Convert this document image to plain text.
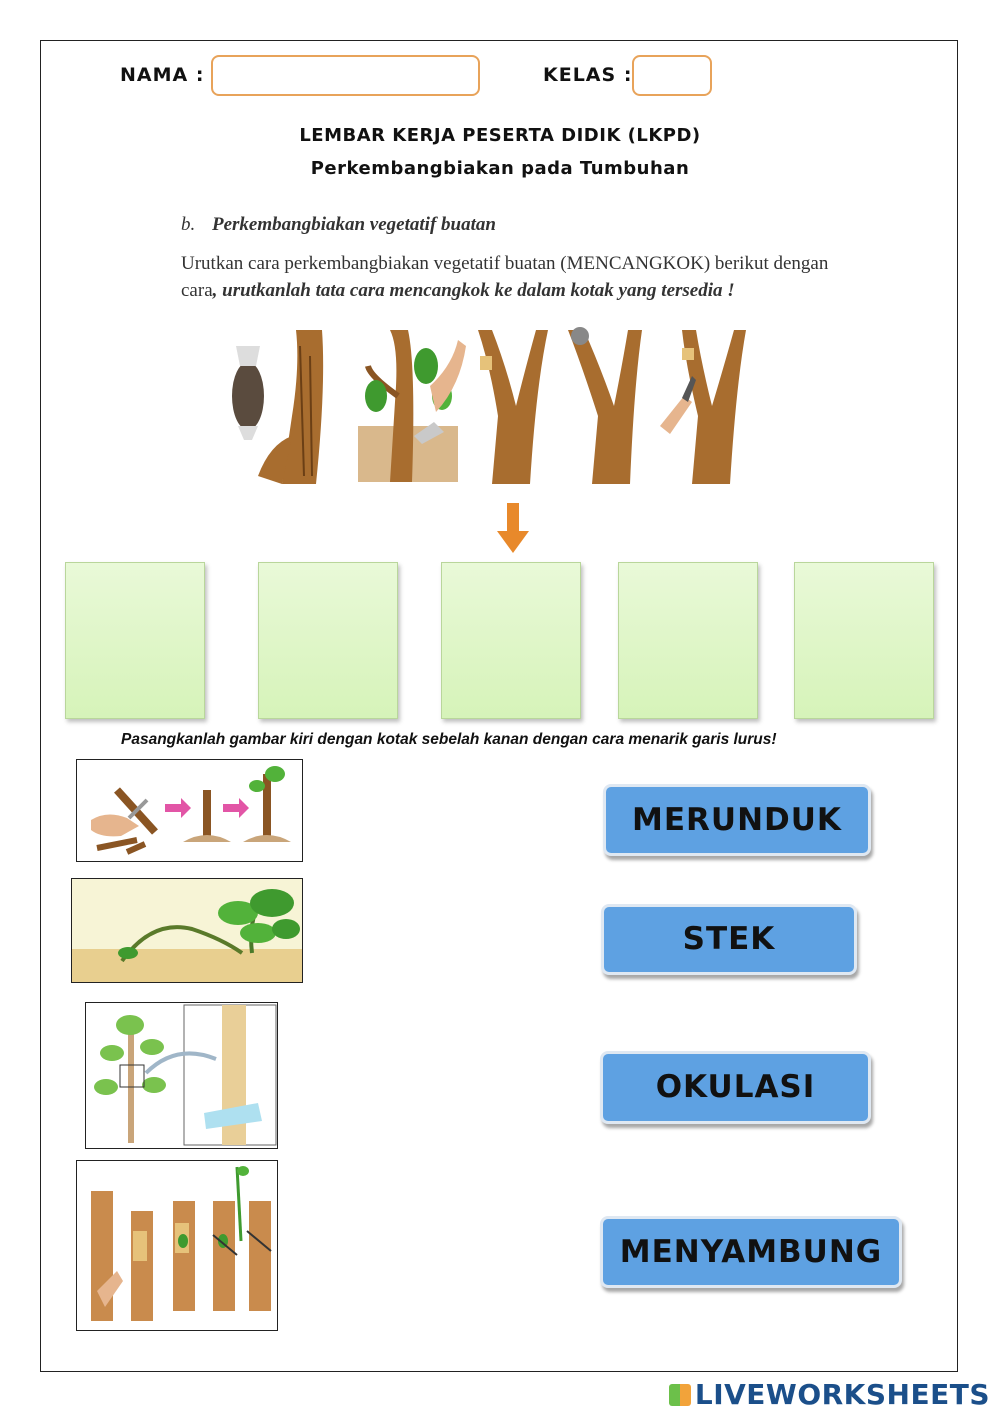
NAMA :	KELAS :
LEMBAR KERJA PESERTA DIDIK (LKPD)
Perkembangbiakan pada Tumbuhan
b. Perkembangbiakan vegetatif buatan
Urutkan cara perkembangbiakan vegetatif buatan (MENCANGKOK) berikut dengan
cara, urutkanlah tata cara mencangkok ke dalam kotak yang tersedia !
Pasangkanlah gambar kiri dengan kotak sebelah kanan dengan cara menarik garis lurus!
MERUNDUK
STEK
OKULASI
MENYAMBUNG
LIVEWORKSHEETS
